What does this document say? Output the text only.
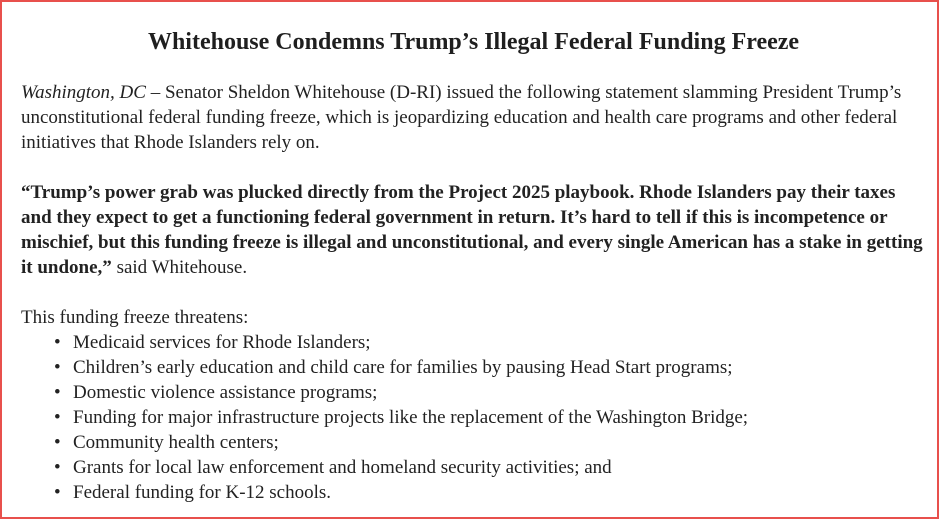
Whitehouse Condemns Trump’s Illegal Federal Funding Freeze

Washington, DC – Senator Sheldon Whitehouse (D-RI) issued the following statement slamming President Trump’s unconstitutional federal funding freeze, which is jeopardizing education and health care programs and other federal initiatives that Rhode Islanders rely on.

“Trump’s power grab was plucked directly from the Project 2025 playbook. Rhode Islanders pay their taxes and they expect to get a functioning federal government in return. It’s hard to tell if this is incompetence or mischief, but this funding freeze is illegal and unconstitutional, and every single American has a stake in getting it undone,” said Whitehouse.

This funding freeze threatens:

• Medicaid services for Rhode Islanders;
• Children’s early education and child care for families by pausing Head Start programs;
• Domestic violence assistance programs;
• Funding for major infrastructure projects like the replacement of the Washington Bridge;
• Community health centers;
• Grants for local law enforcement and homeland security activities; and
• Federal funding for K-12 schools.
